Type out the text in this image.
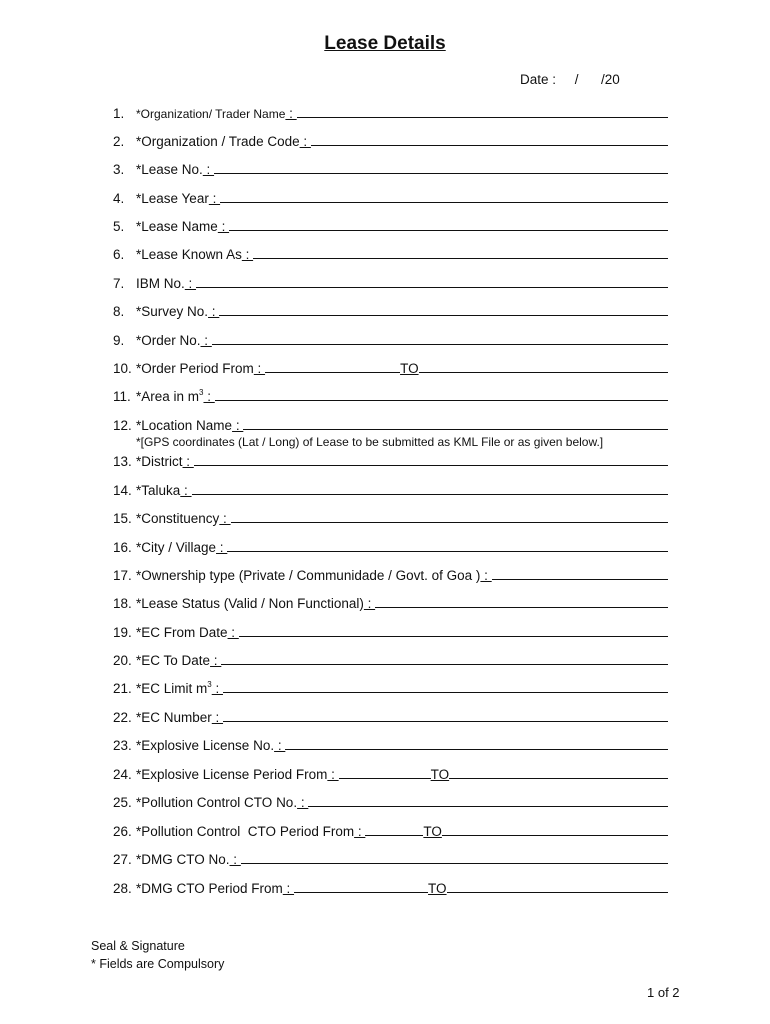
Lease Details
Date :     /      /20
1. *Organization/ Trader Name :
2. *Organization / Trade Code :
3. *Lease No. :
4. *Lease Year :
5. *Lease Name :
6. *Lease Known As :
7. IBM No. :
8. *Survey No. :
9. *Order No. :
10. *Order Period From :	TO
11. *Area in $m^3$ :
12. *Location Name :
*[GPS coordinates (Lat / Long) of Lease to be submitted as KML File or as given below.]
13. *District :
14. *Taluka :
15. *Constituency :
16. *City / Village :
17. *Ownership type (Private / Communidade / Govt. of Goa ) :
18. *Lease Status (Valid / Non Functional) :
19. *EC From Date :
20. *EC To Date :
21. *EC Limit $m^3$ :
22. *EC Number :
23. *Explosive License No. :
24. *Explosive License Period From :	TO
25. *Pollution Control CTO No. :
26. *Pollution Control  CTO Period From :	TO
27. *DMG CTO No. :
28. *DMG CTO Period From :	TO
Seal & Signature
* Fields are Compulsory
1 of 2
